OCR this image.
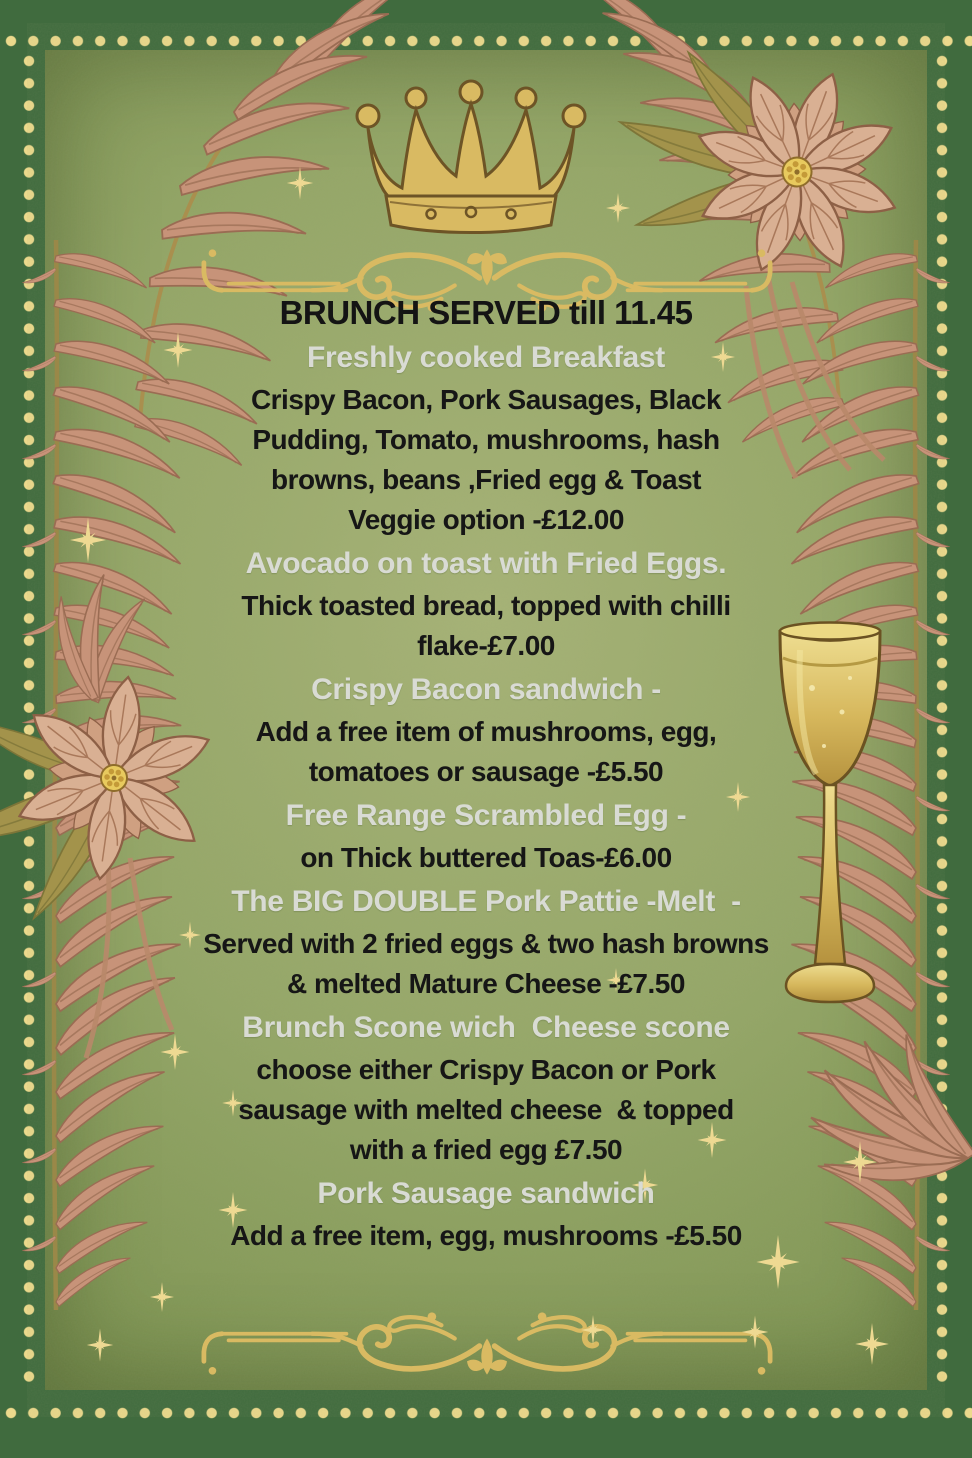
BRUNCH SERVED till 11.45
Freshly cooked Breakfast
Crispy Bacon, Pork Sausages, Black
Pudding, Tomato, mushrooms, hash
browns, beans ,Fried egg & Toast
Veggie option -£12.00
Avocado on toast with Fried Eggs.
Thick toasted bread, topped with chilli
flake-£7.00
Crispy Bacon sandwich -
Add a free item of mushrooms, egg,
tomatoes or sausage -£5.50
Free Range Scrambled Egg -
on Thick buttered Toas-£6.00
The BIG DOUBLE Pork Pattie -Melt  -
Served with 2 fried eggs & two hash browns
& melted Mature Cheese -£7.50
Brunch Scone wich  Cheese scone
choose either Crispy Bacon or Pork
sausage with melted cheese  & topped
with a fried egg £7.50
Pork Sausage sandwich
Add a free item, egg, mushrooms -£5.50
